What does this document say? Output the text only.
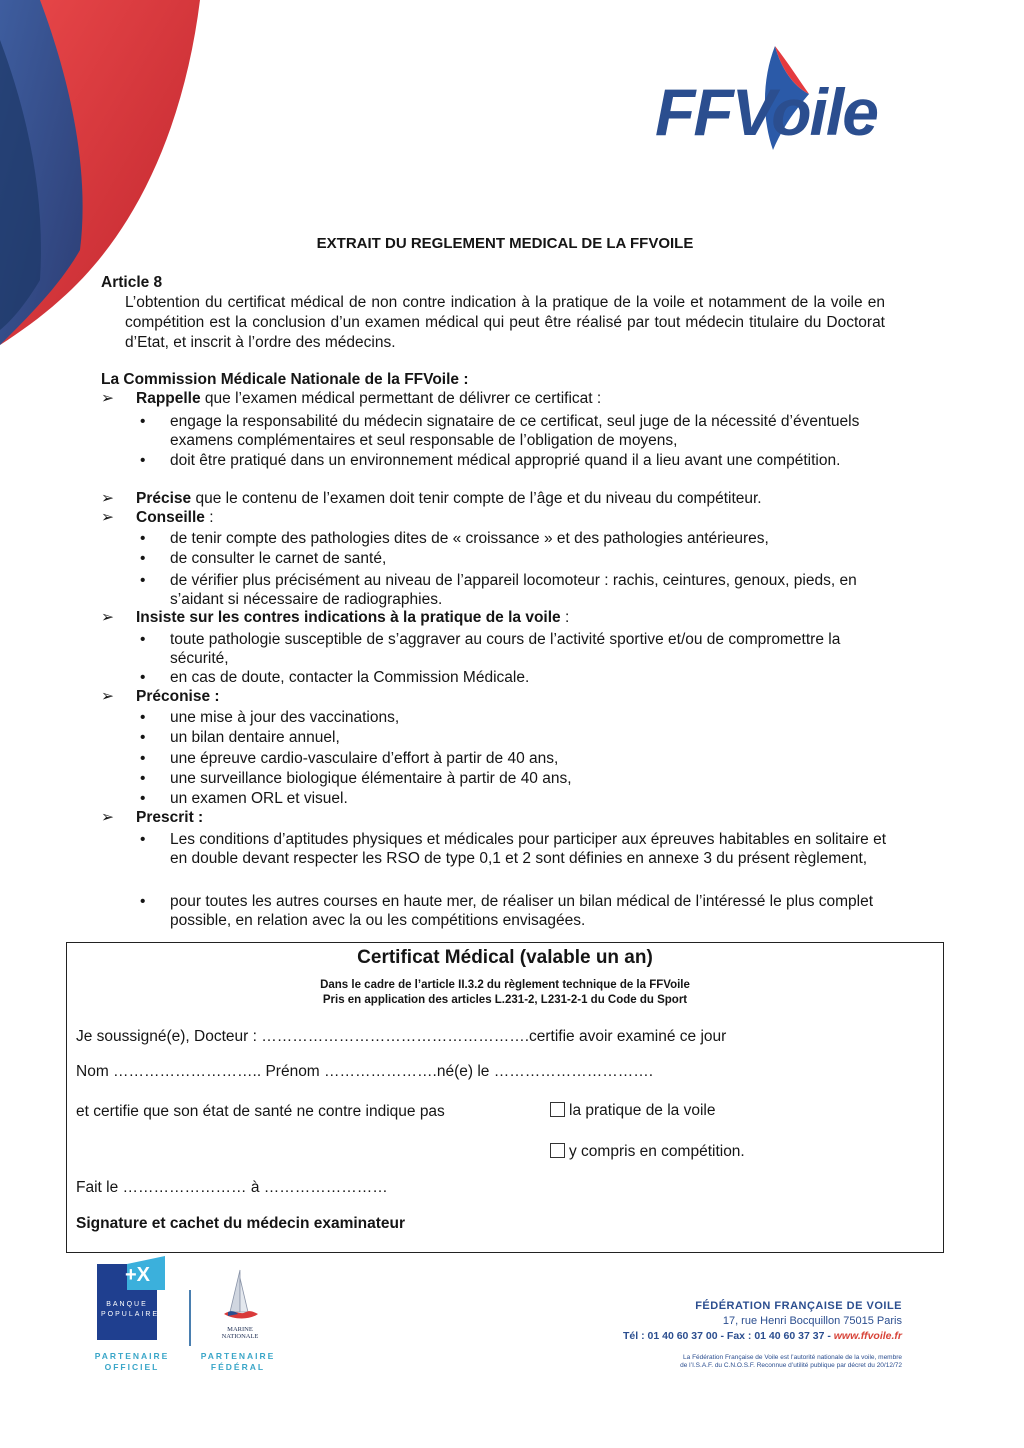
FFVoile
EXTRAIT DU REGLEMENT MEDICAL DE LA FFVOILE
Article 8
L’obtention du certificat médical de non contre indication à la pratique de la voile et notamment de la voile en compétition est la conclusion d’un examen médical qui peut être réalisé par tout médecin titulaire du Doctorat d’Etat, et inscrit à l’ordre des médecins.
La Commission Médicale Nationale de la FFVoile :
➢ Rappelle que l’examen médical permettant de délivrer ce certificat :
• engage la responsabilité du médecin signataire de ce certificat, seul juge de la nécessité d’éventuels examens complémentaires et seul responsable de l’obligation de moyens,
• doit être pratiqué dans un environnement médical approprié quand il a lieu avant une compétition.
➢ Précise que le contenu de l’examen doit tenir compte de l’âge et du niveau du compétiteur.
➢ Conseille :
• de tenir compte des pathologies dites de « croissance » et des pathologies antérieures,
• de consulter le carnet de santé,
• de vérifier plus précisément au niveau de l’appareil locomoteur : rachis, ceintures, genoux, pieds, en s’aidant si nécessaire de radiographies.
➢ Insiste sur les contres indications à la pratique de la voile :
• toute pathologie susceptible de s’aggraver au cours de l’activité sportive et/ou de compromettre la sécurité,
• en cas de doute, contacter la Commission Médicale.
➢ Préconise :
• une mise à jour des vaccinations,
• un bilan dentaire annuel,
• une épreuve cardio-vasculaire d’effort à partir de 40 ans,
• une surveillance biologique élémentaire à partir de 40 ans,
• un examen ORL et visuel.
➢ Prescrit :
• Les conditions d’aptitudes physiques et médicales pour participer aux épreuves habitables en solitaire et en double devant respecter les RSO de type 0,1 et 2 sont définies en annexe 3 du présent règlement,
• pour toutes les autres courses en haute mer, de réaliser un bilan médical de l’intéressé le plus complet possible, en relation avec la ou les compétitions envisagées.
Certificat Médical (valable un an)
Dans le cadre de l’article II.3.2 du règlement technique de la FFVoile
Pris en application des articles L.231-2, L231-2-1 du Code du Sport
Je soussigné(e), Docteur : …………………………………………….certifie avoir examiné ce jour
Nom ……………………….. Prénom ………………….né(e) le ………………………….
et certifie que son état de santé ne contre indique pas	la pratique de la voile
y compris en compétition.
Fait le …………………… à ……………………
Signature et cachet du médecin examinateur
+X
BANQUE POPULAIRE
PARTENAIRE
OFFICIEL
MARINE
NATIONALE
PARTENAIRE
FÉDÉRAL
FÉDÉRATION FRANÇAISE DE VOILE
17, rue Henri Bocquillon 75015 Paris
Tél : 01 40 60 37 00 - Fax : 01 40 60 37 37 - www.ffvoile.fr
La Fédération Française de Voile est l’autorité nationale de la voile, membre
de l’I.S.A.F. du C.N.O.S.F. Reconnue d’utilité publique par décret du 20/12/72
